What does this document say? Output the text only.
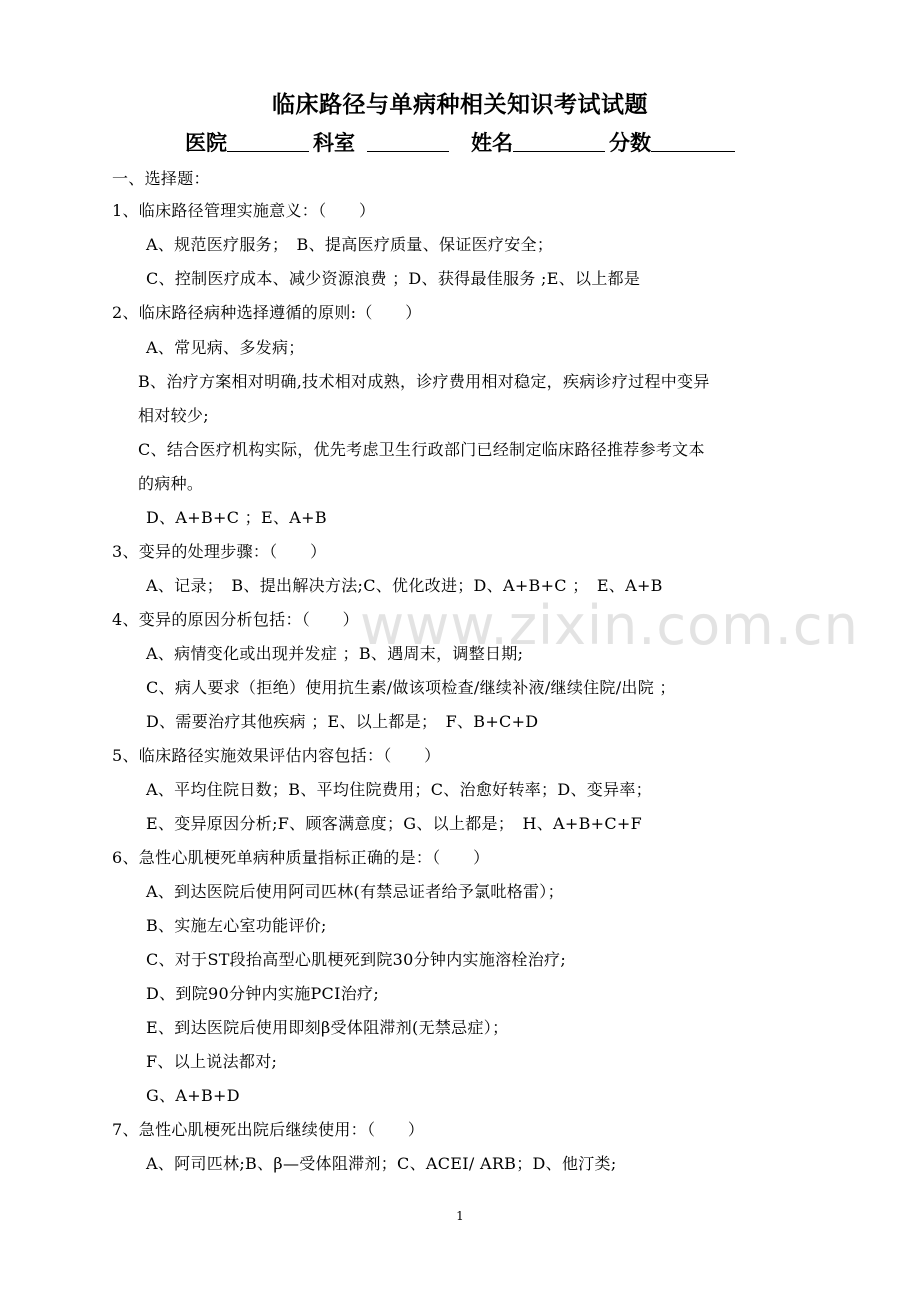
www.zixin.com.cn
临床路径与单病种相关知识考试试题
医院	科室	姓名	分数
一、选择题：
1、临床路径管理实施意义：（　　）
A、规范医疗服务；　B、提高医疗质量、保证医疗安全；
C、控制医疗成本、减少资源浪费 ；D、获得最佳服务 ;E、以上都是
2、临床路径病种选择遵循的原则:（　　）
A、常见病、多发病；
B、治疗方案相对明确,技术相对成熟，诊疗费用相对稳定，疾病诊疗过程中变异
相对较少;
C、结合医疗机构实际，优先考虑卫生行政部门已经制定临床路径推荐参考文本
的病种。
D、A+B+C ；E、A+B
3、变异的处理步骤：（　　）
A、记录；　B、提出解决方法;C、优化改进；D、A+B+C ；　E、A+B
4、变异的原因分析包括：（　　）
A、病情变化或出现并发症 ；B、遇周末，调整日期;
C、病人要求（拒绝）使用抗生素/做该项检查/继续补液/继续住院/出院 ；
D、需要治疗其他疾病 ；E、以上都是；　F、B+C+D
5、临床路径实施效果评估内容包括：（　　）
A、平均住院日数；B、平均住院费用；C、治愈好转率；D、变异率；
E、变异原因分析;F、顾客满意度；G、以上都是；　H、A+B+C+F
6、急性心肌梗死单病种质量指标正确的是：（　　）
A、到达医院后使用阿司匹林(有禁忌证者给予氯吡格雷）；
B、实施左心室功能评价;
C、对于ST段抬高型心肌梗死到院30分钟内实施溶栓治疗;
D、到院90分钟内实施PCI治疗;
E、到达医院后使用即刻β受体阻滞剂(无禁忌症）；
F、以上说法都对;
G、A+B+D
7、急性心肌梗死出院后继续使用：（　　）
A、阿司匹林;B、β—受体阻滞剂；C、ACEI/ ARB；D、他汀类;
1
